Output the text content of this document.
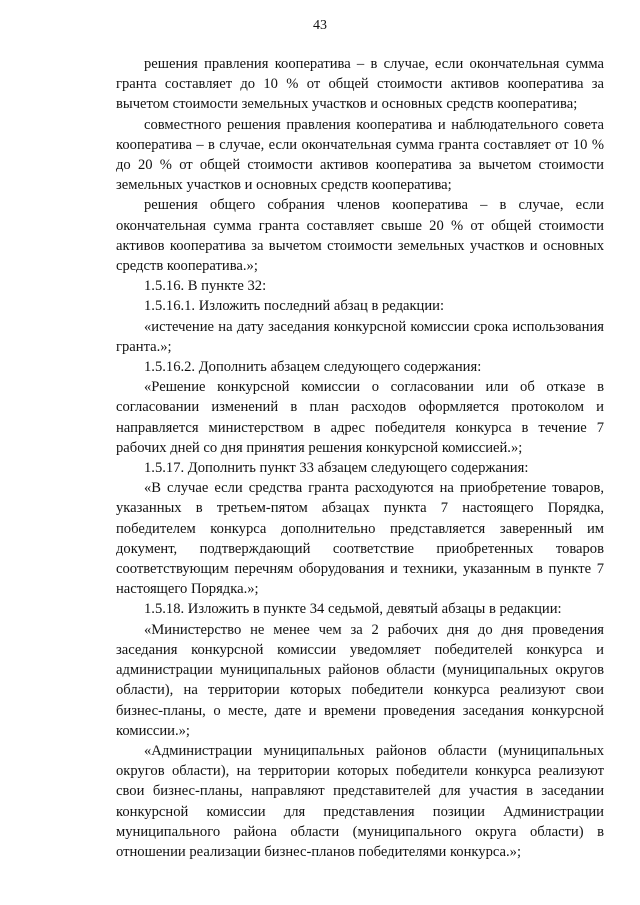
43

решения правления кооператива – в случае, если окончательная сумма гранта составляет до 10 % от общей стоимости активов кооператива за вычетом стоимости земельных участков и основных средств кооператива;

совместного решения правления кооператива и наблюдательного совета кооператива – в случае, если окончательная сумма гранта составляет от 10 % до 20 % от общей стоимости активов кооператива за вычетом стоимости земельных участков и основных средств кооператива;

решения общего собрания членов кооператива – в случае, если окончательная сумма гранта составляет свыше 20 % от общей стоимости активов кооператива за вычетом стоимости земельных участков и основных средств кооператива.»;

1.5.16. В пункте 32:

1.5.16.1. Изложить последний абзац в редакции:

«истечение на дату заседания конкурсной комиссии срока использования гранта.»;

1.5.16.2. Дополнить абзацем следующего содержания:

«Решение конкурсной комиссии о согласовании или об отказе в согласовании изменений в план расходов оформляется протоколом и направляется министерством в адрес победителя конкурса в течение 7 рабочих дней со дня принятия решения конкурсной комиссией.»;

1.5.17. Дополнить пункт 33 абзацем следующего содержания:

«В случае если средства гранта расходуются на приобретение товаров, указанных в третьем-пятом абзацах пункта 7 настоящего Порядка, победителем конкурса дополнительно представляется заверенный им документ, подтверждающий соответствие приобретенных товаров соответствующим перечням оборудования и техники, указанным в пункте 7 настоящего Порядка.»;

1.5.18. Изложить в пункте 34 седьмой, девятый абзацы в редакции:

«Министерство не менее чем за 2 рабочих дня до дня проведения заседания конкурсной комиссии уведомляет победителей конкурса и администрации муниципальных районов области (муниципальных округов области), на территории которых победители конкурса реализуют свои бизнес-планы, о месте, дате и времени проведения заседания конкурсной комиссии.»;

«Администрации муниципальных районов области (муниципальных округов области), на территории которых победители конкурса реализуют свои бизнес-планы, направляют представителей для участия в заседании конкурсной комиссии для представления позиции Администрации муниципального района области (муниципального округа области) в отношении реализации бизнес-планов победителями конкурса.»;
